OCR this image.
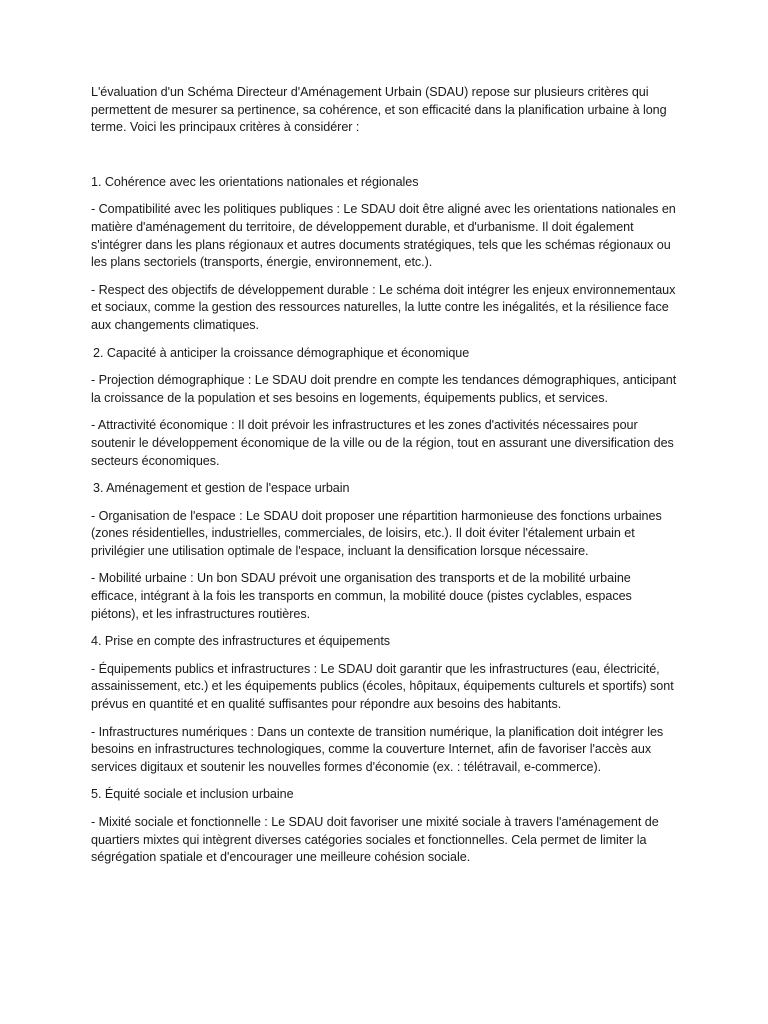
L'évaluation d'un Schéma Directeur d'Aménagement Urbain (SDAU) repose sur plusieurs critères qui permettent de mesurer sa pertinence, sa cohérence, et son efficacité dans la planification urbaine à long terme. Voici les principaux critères à considérer :

1. Cohérence avec les orientations nationales et régionales

- Compatibilité avec les politiques publiques : Le SDAU doit être aligné avec les orientations nationales en matière d'aménagement du territoire, de développement durable, et d'urbanisme. Il doit également s'intégrer dans les plans régionaux et autres documents stratégiques, tels que les schémas régionaux ou les plans sectoriels (transports, énergie, environnement, etc.).

- Respect des objectifs de développement durable : Le schéma doit intégrer les enjeux environnementaux et sociaux, comme la gestion des ressources naturelles, la lutte contre les inégalités, et la résilience face aux changements climatiques.

2. Capacité à anticiper la croissance démographique et économique

- Projection démographique : Le SDAU doit prendre en compte les tendances démographiques, anticipant la croissance de la population et ses besoins en logements, équipements publics, et services.

- Attractivité économique : Il doit prévoir les infrastructures et les zones d'activités nécessaires pour soutenir le développement économique de la ville ou de la région, tout en assurant une diversification des secteurs économiques.

3. Aménagement et gestion de l'espace urbain

- Organisation de l'espace : Le SDAU doit proposer une répartition harmonieuse des fonctions urbaines (zones résidentielles, industrielles, commerciales, de loisirs, etc.). Il doit éviter l'étalement urbain et privilégier une utilisation optimale de l'espace, incluant la densification lorsque nécessaire.

- Mobilité urbaine : Un bon SDAU prévoit une organisation des transports et de la mobilité urbaine efficace, intégrant à la fois les transports en commun, la mobilité douce (pistes cyclables, espaces piétons), et les infrastructures routières.

4. Prise en compte des infrastructures et équipements

- Équipements publics et infrastructures : Le SDAU doit garantir que les infrastructures (eau, électricité, assainissement, etc.) et les équipements publics (écoles, hôpitaux, équipements culturels et sportifs) sont prévus en quantité et en qualité suffisantes pour répondre aux besoins des habitants.

- Infrastructures numériques : Dans un contexte de transition numérique, la planification doit intégrer les besoins en infrastructures technologiques, comme la couverture Internet, afin de favoriser l'accès aux services digitaux et soutenir les nouvelles formes d'économie (ex. : télétravail, e-commerce).

5. Équité sociale et inclusion urbaine

- Mixité sociale et fonctionnelle : Le SDAU doit favoriser une mixité sociale à travers l'aménagement de quartiers mixtes qui intègrent diverses catégories sociales et fonctionnelles. Cela permet de limiter la ségrégation spatiale et d'encourager une meilleure cohésion sociale.
